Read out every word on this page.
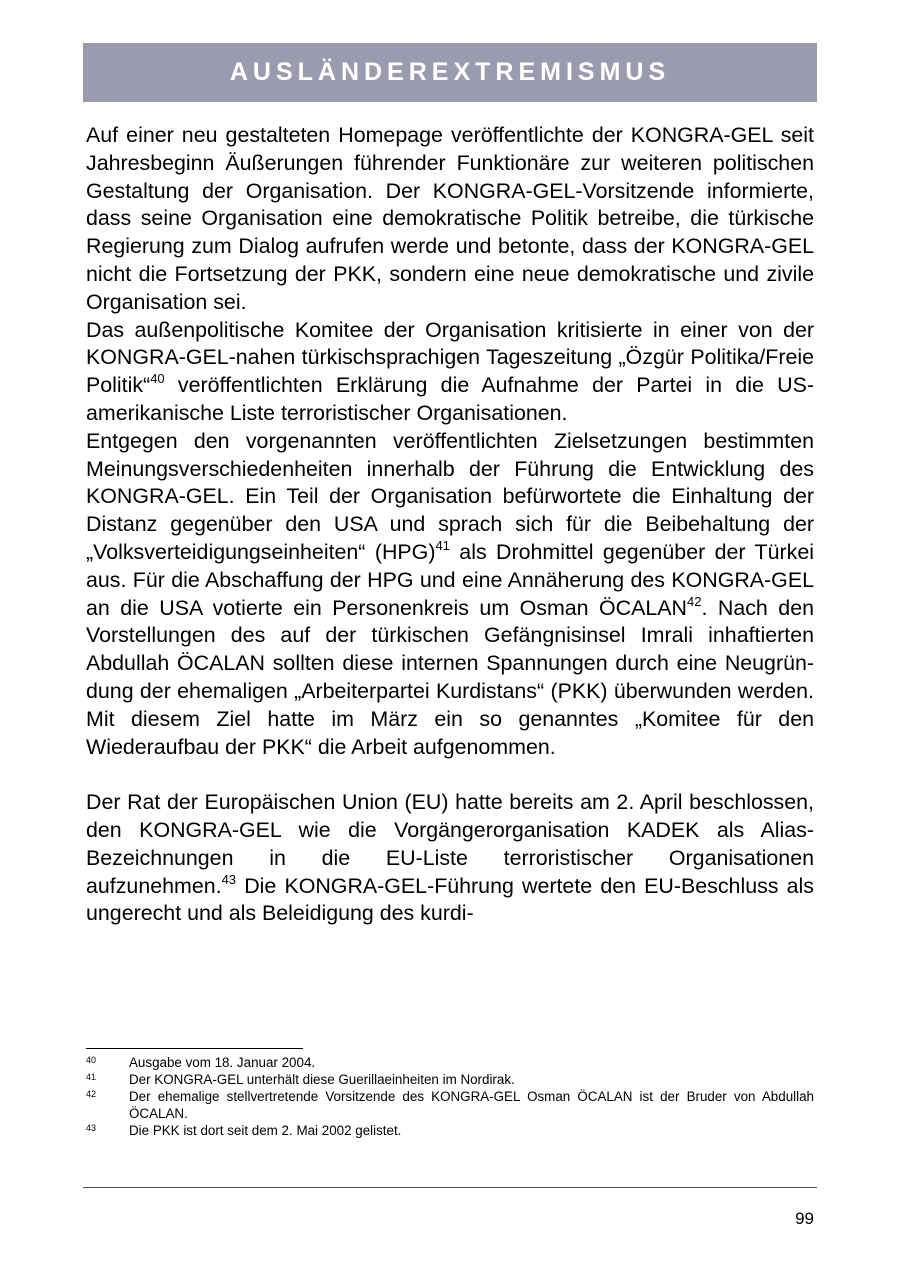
AUSLÄNDEREXTREMISMUS

Auf einer neu gestalteten Homepage veröffentlichte der KONGRA-GEL seit Jahresbeginn Äußerungen führender Funktionäre zur weiteren politischen Gestaltung der Organisation. Der KONGRA-GEL-Vorsitzende informierte, dass seine Organisation eine demokratische Politik betreibe, die türkische Regierung zum Dialog aufrufen werde und betonte, dass der KONGRA-GEL nicht die Fortsetzung der PKK, sondern eine neue demokratische und zivile Organisation sei.

Das außenpolitische Komitee der Organisation kritisierte in einer von der KONGRA-GEL-nahen türkischsprachigen Tageszeitung „Özgür Politika/Freie Politik“$^{40}$ veröffentlichten Erklärung die Aufnahme der Partei in die US-amerikanische Liste terroristischer Organisationen.

Entgegen den vorgenannten veröffentlichten Zielsetzungen bestimmten Meinungsverschiedenheiten innerhalb der Führung die Entwicklung des KONGRA-GEL. Ein Teil der Organisation befürwortete die Einhaltung der Distanz gegenüber den USA und sprach sich für die Beibehaltung der „Volksverteidigungseinheiten“ (HPG)$^{41}$ als Drohmittel gegenüber der Türkei aus. Für die Abschaffung der HPG und eine Annäherung des KONGRA-GEL an die USA votierte ein Personenkreis um Osman ÖCALAN$^{42}$. Nach den Vorstellungen des auf der türkischen Gefängnisinsel Imrali inhaftierten Abdullah ÖCALAN sollten diese internen Spannungen durch eine Neugründung der ehemaligen „Arbeiterpartei Kurdistans“ (PKK) überwunden werden. Mit diesem Ziel hatte im März ein so genanntes „Komitee für den Wiederaufbau der PKK“ die Arbeit aufgenommen.

Der Rat der Europäischen Union (EU) hatte bereits am 2. April beschlossen, den KONGRA-GEL wie die Vorgängerorganisation KADEK als Alias-Bezeichnungen in die EU-Liste terroristischer Organisationen aufzunehmen.$^{43}$ Die KONGRA-GEL-Führung wertete den EU-Beschluss als ungerecht und als Beleidigung des kurdi-

40	Ausgabe vom 18. Januar 2004.
41	Der KONGRA-GEL unterhält diese Guerillaeinheiten im Nordirak.
42	Der ehemalige stellvertretende Vorsitzende des KONGRA-GEL Osman ÖCALAN ist der Bruder von Abdullah ÖCALAN.
43	Die PKK ist dort seit dem 2. Mai 2002 gelistet.
99
